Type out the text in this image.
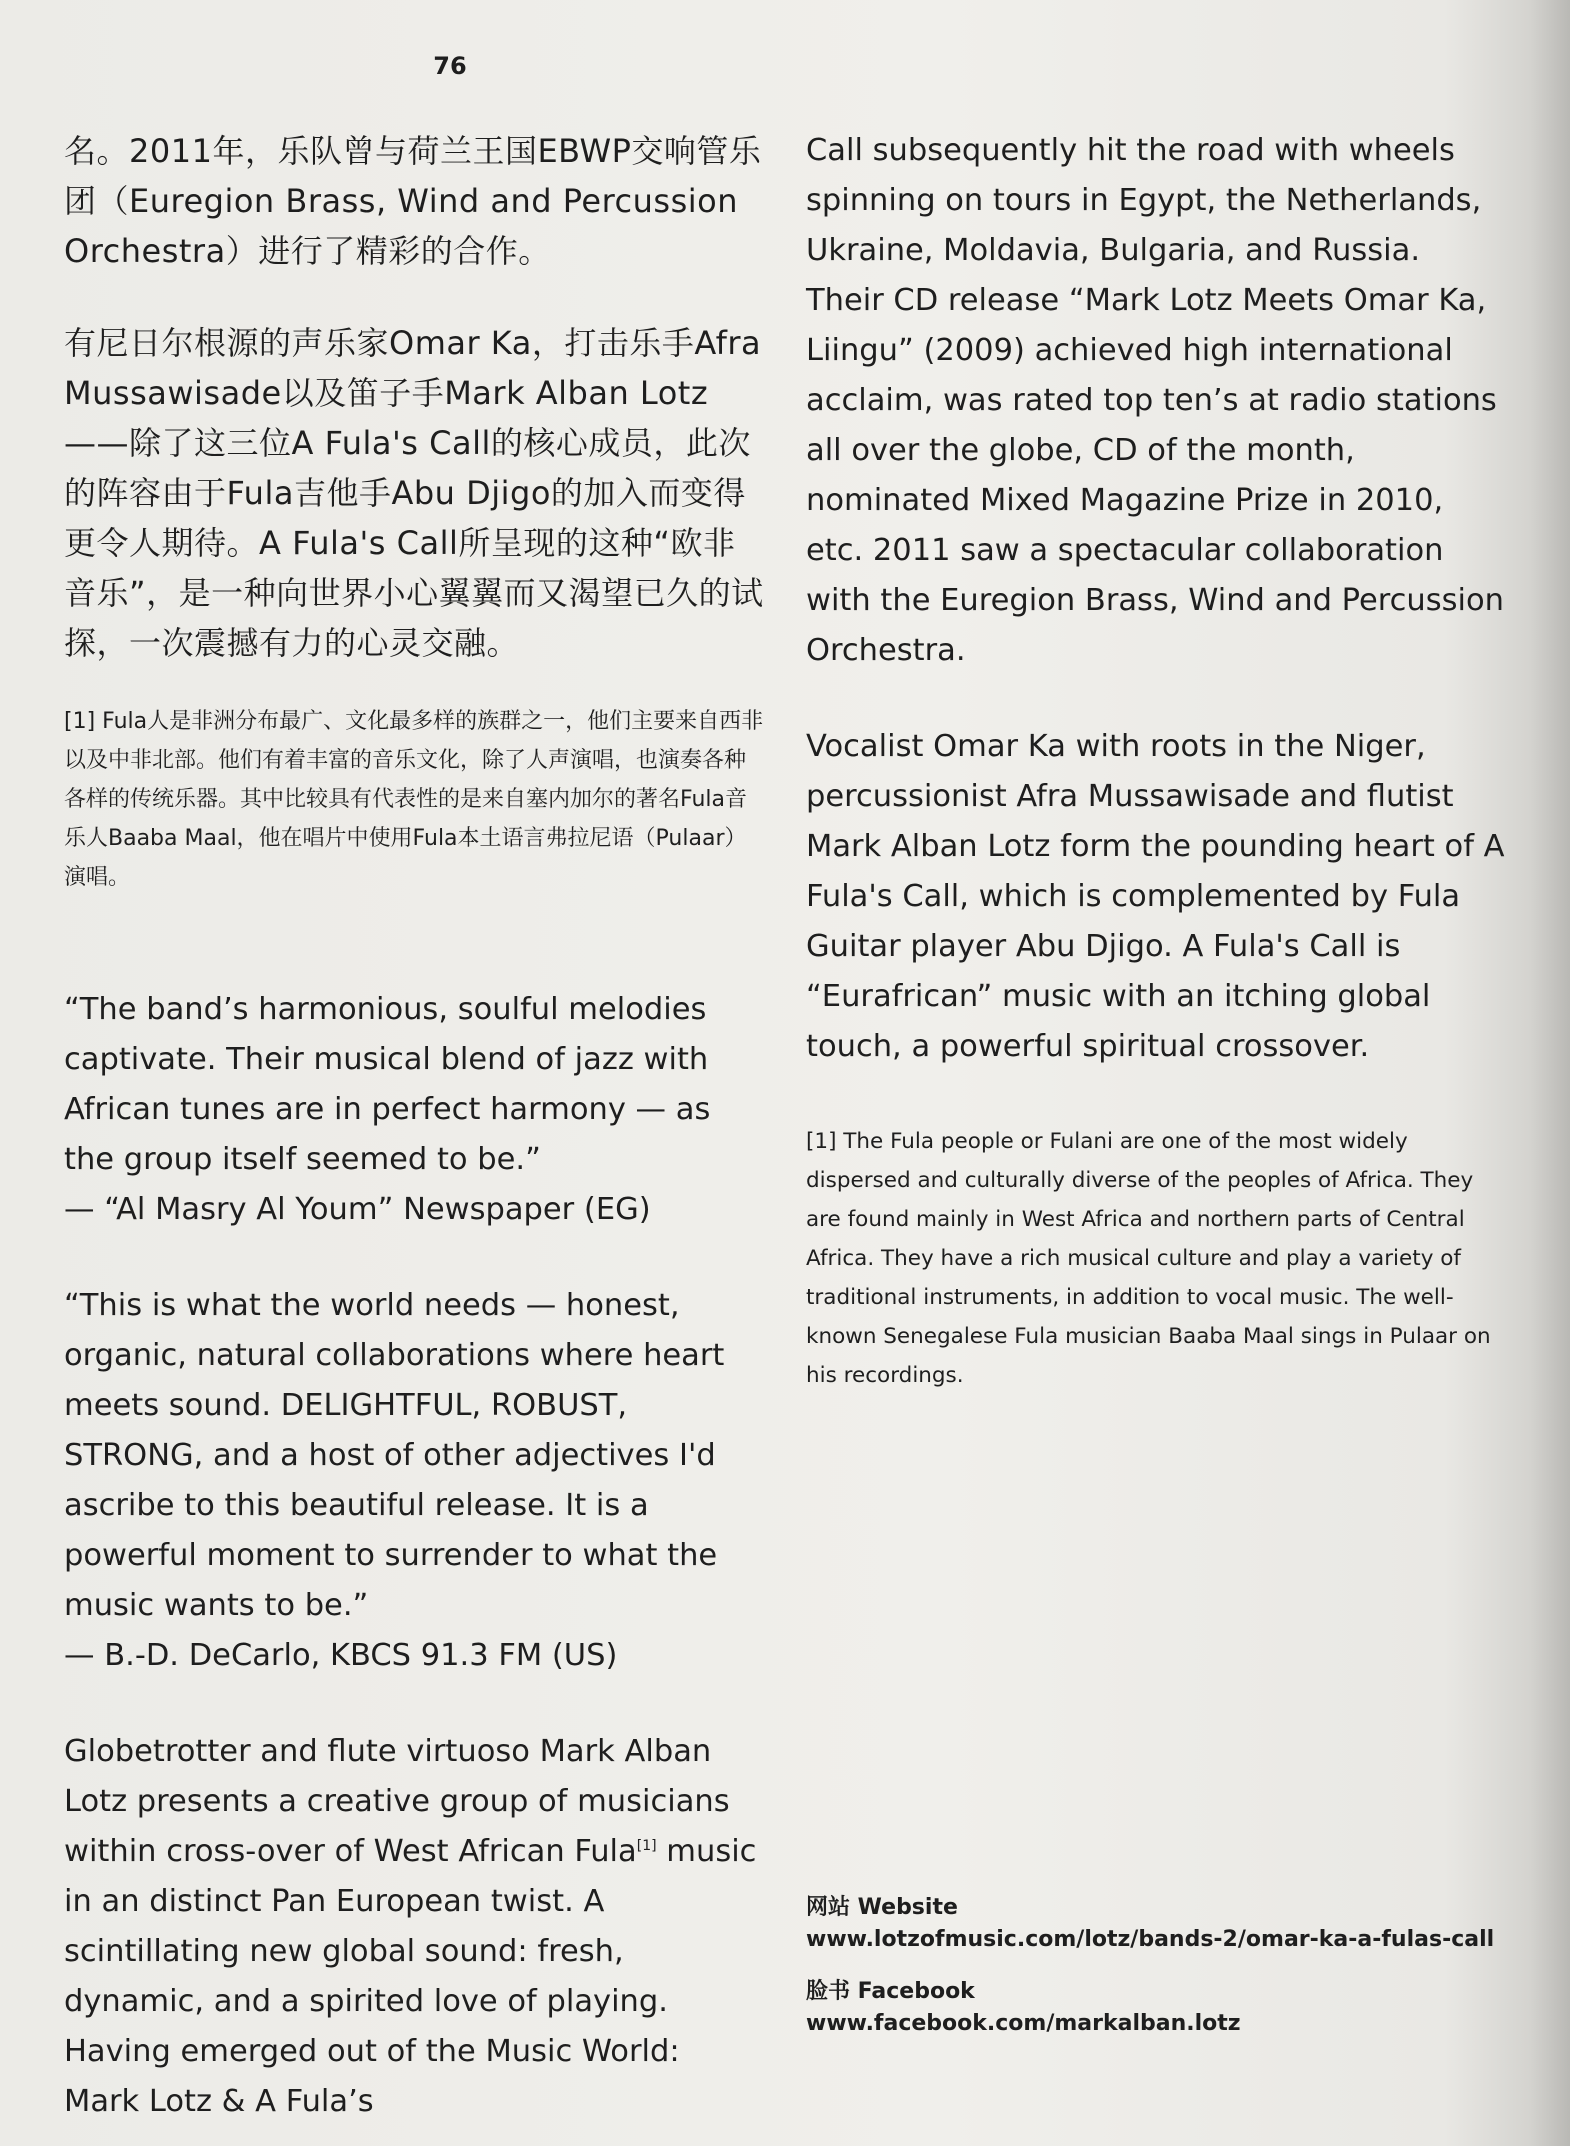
76

名。2011年，乐队曾与荷兰王国EBWP交响管乐团（Euregion Brass, Wind and Percussion Orchestra）进行了精彩的合作。

有尼日尔根源的声乐家Omar Ka，打击乐手Afra Mussawisade以及笛子手Mark Alban Lotz——除了这三位A Fula's Call的核心成员，此次的阵容由于Fula吉他手Abu Djigo的加入而变得更令人期待。A Fula's Call所呈现的这种“欧非音乐”，是一种向世界小心翼翼而又渴望已久的试探，一次震撼有力的心灵交融。

[1] Fula人是非洲分布最广、文化最多样的族群之一，他们主要来自西非以及中非北部。他们有着丰富的音乐文化，除了人声演唱，也演奏各种各样的传统乐器。其中比较具有代表性的是来自塞内加尔的著名Fula音乐人Baaba Maal，他在唱片中使用Fula本土语言弗拉尼语（Pulaar）演唱。

“The band’s harmonious, soulful melodies captivate. Their musical blend of jazz with African tunes are in perfect harmony — as the group itself seemed to be.”
— “Al Masry Al Youm” Newspaper (EG)

“This is what the world needs — honest, organic, natural collaborations where heart meets sound. DELIGHTFUL, ROBUST, STRONG, and a host of other adjectives I'd ascribe to this beautiful release. It is a powerful moment to surrender to what the music wants to be.”
— B.-D. DeCarlo, KBCS 91.3 FM (US)

Globetrotter and flute virtuoso Mark Alban Lotz presents a creative group of musicians within cross-over of West African Fula[1] music in an distinct Pan European twist. A scintillating new global sound: fresh, dynamic, and a spirited love of playing. Having emerged out of the Music World: Mark Lotz & A Fula’s

Call subsequently hit the road with wheels spinning on tours in Egypt, the Netherlands, Ukraine, Moldavia, Bulgaria, and Russia. Their CD release “Mark Lotz Meets Omar Ka, Liingu” (2009) achieved high international acclaim, was rated top ten’s at radio stations all over the globe, CD of the month, nominated Mixed Magazine Prize in 2010, etc. 2011 saw a spectacular collaboration with the Euregion Brass, Wind and Percussion Orchestra.

Vocalist Omar Ka with roots in the Niger, percussionist Afra Mussawisade and flutist Mark Alban Lotz form the pounding heart of A Fula's Call, which is complemented by Fula Guitar player Abu Djigo. A Fula's Call is “Eurafrican” music with an itching global touch, a powerful spiritual crossover.

[1] The Fula people or Fulani are one of the most widely dispersed and culturally diverse of the peoples of Africa. They are found mainly in West Africa and northern parts of Central Africa. They have a rich musical culture and play a variety of traditional instruments, in addition to vocal music. The well-known Senegalese Fula musician Baaba Maal sings in Pulaar on his recordings.

网站 Website
www.lotzofmusic.com/lotz/bands-2/omar-ka-a-fulas-call
脸书 Facebook
www.facebook.com/markalban.lotz
